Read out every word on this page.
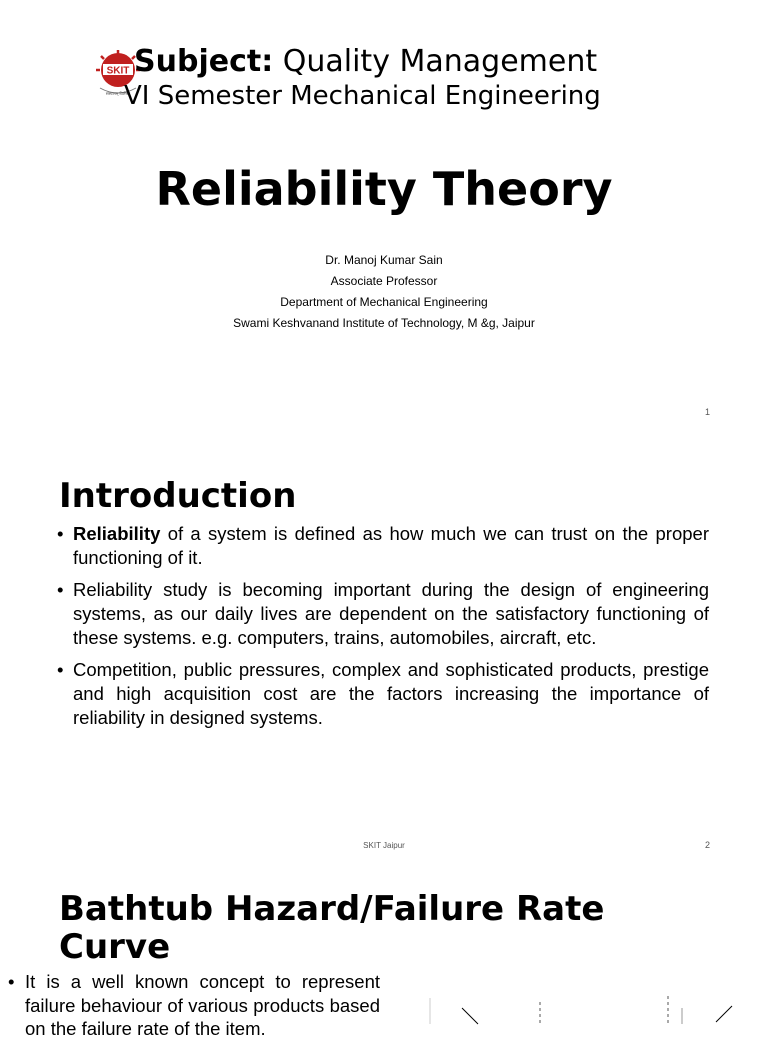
SKIT
संस्थानम् विशेषम्
Subject: Quality Management
VI Semester Mechanical Engineering
Reliability Theory
Dr. Manoj Kumar Sain
Associate Professor
Department of Mechanical Engineering
Swami Keshvanand Institute of Technology, M &g, Jaipur
1
Introduction
• Reliability of a system is defined as how much we can trust on the proper functioning of it.
• Reliability study is becoming important during the design of engineering systems, as our daily lives are dependent on the satisfactory functioning of these systems. e.g. computers, trains, automobiles, aircraft, etc.
• Competition, public pressures, complex and sophisticated products, prestige and high acquisition cost are the factors increasing the importance of reliability in designed systems.
SKIT Jaipur	2
Bathtub Hazard/Failure Rate Curve
• It is a well known concept to represent failure behaviour of various products based on the failure rate of the item.
